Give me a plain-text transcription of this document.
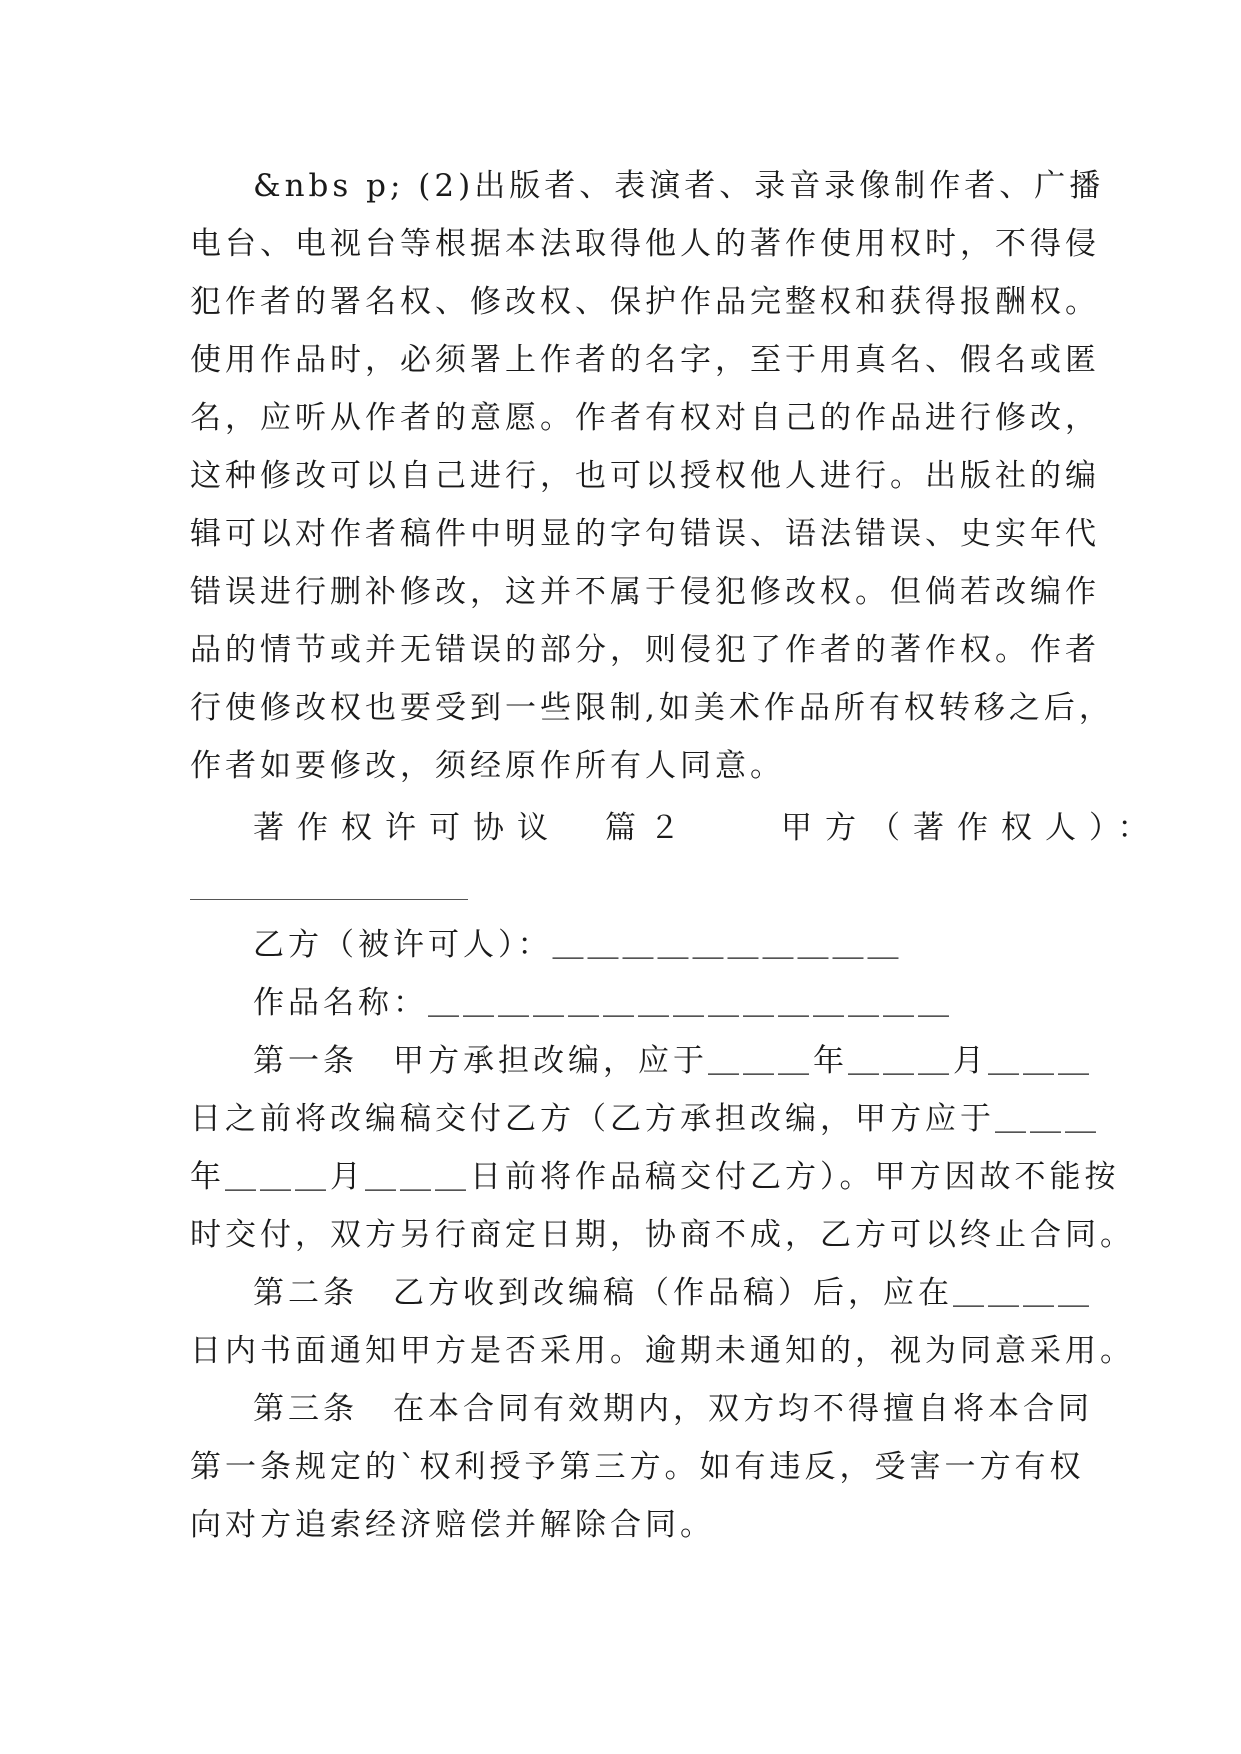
&nbs p; (2)出版者、表演者、录音录像制作者、广播
电台、电视台等根据本法取得他人的著作使用权时，不得侵
犯作者的署名权、修改权、保护作品完整权和获得报酬权。
使用作品时，必须署上作者的名字，至于用真名、假名或匿
名，应听从作者的意愿。作者有权对自己的作品进行修改，
这种修改可以自己进行，也可以授权他人进行。出版社的编
辑可以对作者稿件中明显的字句错误、语法错误、史实年代
错误进行删补修改，这并不属于侵犯修改权。但倘若改编作
品的情节或并无错误的部分，则侵犯了作者的著作权。作者
行使修改权也要受到一些限制,如美术作品所有权转移之后，
作者如要修改，须经原作所有人同意。
著作权许可协议　篇２　　甲方（著作权人）：
乙方（被许可人）：＿＿＿＿＿＿＿＿＿＿
作品名称：＿＿＿＿＿＿＿＿＿＿＿＿＿＿＿
第一条　甲方承担改编，应于＿＿＿年＿＿＿月＿＿＿
日之前将改编稿交付乙方（乙方承担改编，甲方应于＿＿＿
年＿＿＿月＿＿＿日前将作品稿交付乙方）。甲方因故不能按
时交付，双方另行商定日期，协商不成，乙方可以终止合同。
第二条　乙方收到改编稿（作品稿）后，应在＿＿＿＿
日内书面通知甲方是否采用。逾期未通知的，视为同意采用。
第三条　在本合同有效期内，双方均不得擅自将本合同
第一条规定的`权利授予第三方。如有违反，受害一方有权
向对方追索经济赔偿并解除合同。
